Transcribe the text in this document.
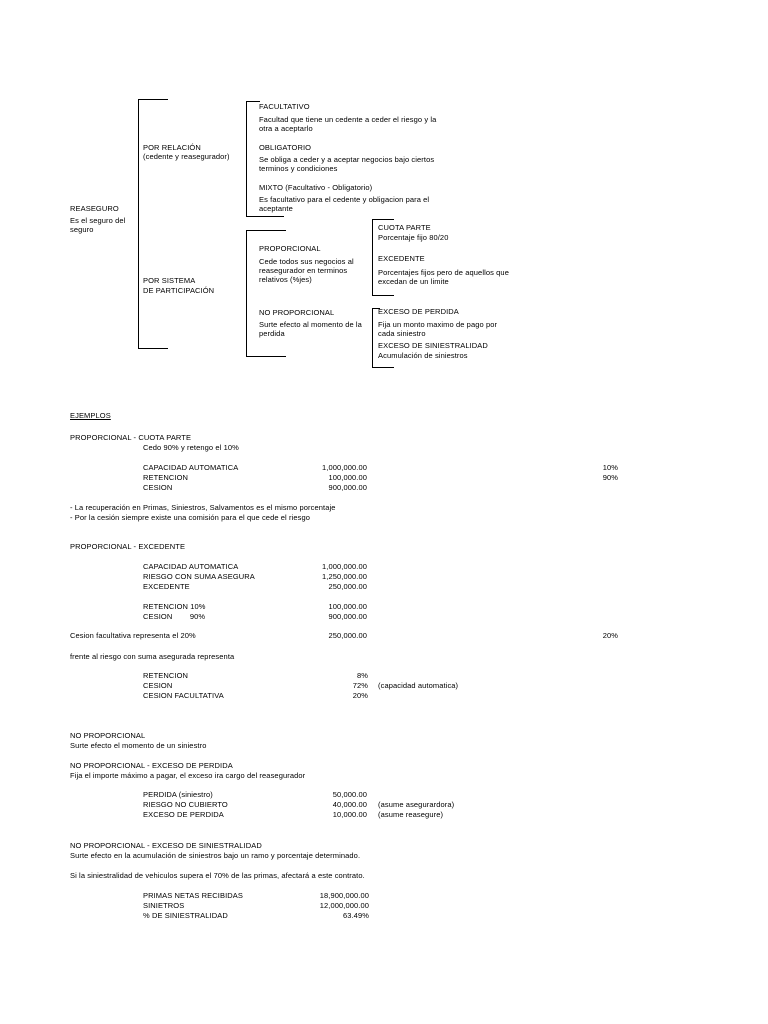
REASEGURO
Es el seguro del seguro
POR RELACIÓN
(cedente y reasegurador)
FACULTATIVO
Facultad que tiene un cedente a ceder el riesgo y la otra a aceptarlo
OBLIGATORIO
Se obliga a ceder y a aceptar negocios bajo ciertos terminos y condiciones
MIXTO (Facultativo - Obligatorio)
Es facultativo para el cedente y obligacion para el aceptante
POR SISTEMA
DE PARTICIPACIÓN
PROPORCIONAL
Cede todos sus negocios al reasegurador en terminos relativos (%jes)
NO PROPORCIONAL
Surte efecto al momento de la perdida
CUOTA PARTE
Porcentaje fijo 80/20
EXCEDENTE
Porcentajes fijos pero de aquellos que excedan de un limite
EXCESO DE PERDIDA
Fija un monto maximo de pago por cada siniestro
EXCESO DE SINIESTRALIDAD
Acumulación de siniestros
EJEMPLOS
PROPORCIONAL - CUOTA PARTE
Cedo 90% y retengo el 10%
CAPACIDAD AUTOMATICA	1,000,000.00	10%
RETENCION	100,000.00	90%
CESION	900,000.00
- La recuperación en Primas, Siniestros, Salvamentos es el mismo porcentaje
- Por la cesión siempre existe una comisión para el que cede el riesgo
PROPORCIONAL - EXCEDENTE
CAPACIDAD AUTOMATICA	1,000,000.00
RIESGO CON SUMA ASEGURA	1,250,000.00
EXCEDENTE	250,000.00
RETENCION 10%	100,000.00
CESION        90%	900,000.00
Cesion facultativa representa el 20%	250,000.00	20%
frente al riesgo con suma asegurada representa
RETENCION	8%
CESION	72% (capacidad automatica)
CESION FACULTATIVA	20%
NO PROPORCIONAL
Surte efecto el momento de un siniestro
NO PROPORCIONAL - EXCESO DE PERDIDA
Fija el importe máximo a pagar, el exceso ira cargo del reasegurador
PERDIDA (siniestro)	50,000.00
RIESGO NO CUBIERTO	40,000.00 (asume asegurardora)
EXCESO DE PERDIDA	10,000.00 (asume reasegure)
NO PROPORCIONAL - EXCESO DE SINIESTRALIDAD
Surte efecto en la acumulación de siniestros bajo un ramo y porcentaje determinado.
Si la siniestralidad de vehiculos supera el 70% de las primas, afectará a este contrato.
PRIMAS NETAS RECIBIDAS	18,900,000.00
SINIETROS	12,000,000.00
% DE SINIESTRALIDAD	63.49%
